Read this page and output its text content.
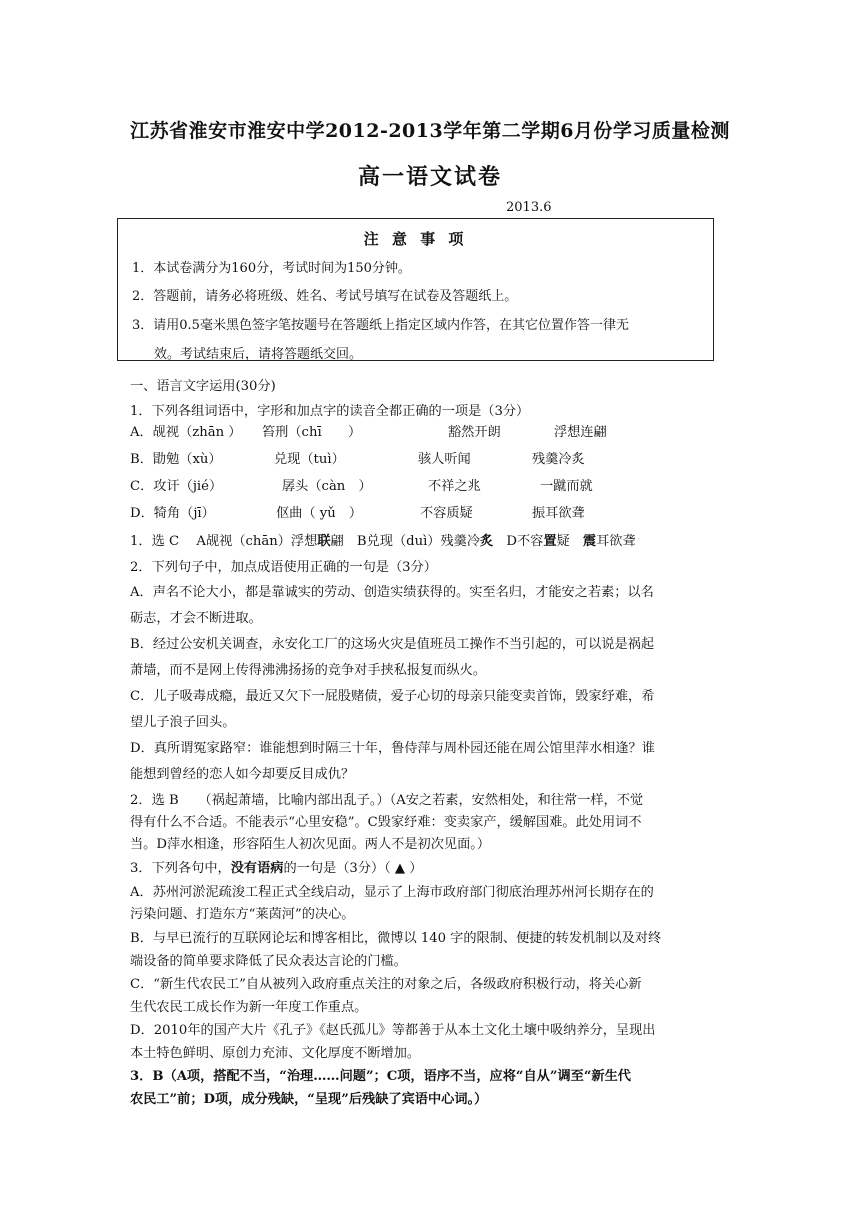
江苏省淮安市淮安中学2012-2013学年第二学期6月份学习质量检测
高一语文试卷
2013.6
注 意 事 项
1．本试卷满分为160分，考试时间为150分钟。
2．答题前，请务必将班级、姓名、考试号填写在试卷及答题纸上。
3．请用0.5毫米黑色签字笔按题号在答题纸上指定区域内作答，在其它位置作答一律无
效。考试结束后，请将答题纸交回。
一、语言文字运用(30分)
1．下列各组词语中，字形和加点字的读音全都正确的一项是（3分）
A．觇视（zhān ） 笞刑（chī　　）	豁然开朗	浮想连翩
B．勖勉（xù）	兑现（tuì）	骇人听闻	残羹冷炙
C．攻讦（jié）	孱头（càn　）	不祥之兆	一蹴而就
D．犄角（jī）	伛曲（ yǔ　）	不容质疑	振耳欲聋
1．选 C　 A觇视（chān）浮想联翩　B兑现（duì）残羹冷炙　D不容置疑　震耳欲聋
2．下列句子中，加点成语使用正确的一句是（3分）
A．声名不论大小，都是靠诚实的劳动、创造实绩获得的。实至名归，才能安之若素；以名
砺志，才会不断进取。
B．经过公安机关调查，永安化工厂的这场火灾是值班员工操作不当引起的，可以说是祸起
萧墙，而不是网上传得沸沸扬扬的竞争对手挟私报复而纵火。
C．儿子吸毒成瘾，最近又欠下一屁股赌债，爱子心切的母亲只能变卖首饰，毁家纾难，希
望儿子浪子回头。
D．真所谓冤家路窄：谁能想到时隔三十年，鲁侍萍与周朴园还能在周公馆里萍水相逢？谁
能想到曾经的恋人如今却要反目成仇？
2．选 B　　（祸起萧墙，比喻内部出乱子。）（A安之若素，安然相处，和往常一样，不觉
得有什么不合适。不能表示“心里安稳”。C毁家纾难：变卖家产，缓解国难。此处用词不
当。D萍水相逢，形容陌生人初次见面。两人不是初次见面。）
3．下列各句中，没有语病的一句是（3分）（ ▲ ）
A．苏州河淤泥疏浚工程正式全线启动，显示了上海市政府部门彻底治理苏州河长期存在的
污染问题、打造东方“莱茵河”的决心。
B．与早已流行的互联网论坛和博客相比，微博以 140 字的限制、便捷的转发机制以及对终
端设备的简单要求降低了民众表达言论的门槛。
C．“新生代农民工”自从被列入政府重点关注的对象之后，各级政府积极行动，将关心新
生代农民工成长作为新一年度工作重点。
D．2010年的国产大片《孔子》《赵氏孤儿》等都善于从本土文化土壤中吸纳养分，呈现出
本土特色鲜明、原创力充沛、文化厚度不断增加。
3．B（A项，搭配不当，“治理……问题”；C项，语序不当，应将“自从”调至“新生代
农民工”前；D项，成分残缺，“呈现”后残缺了宾语中心词。）
